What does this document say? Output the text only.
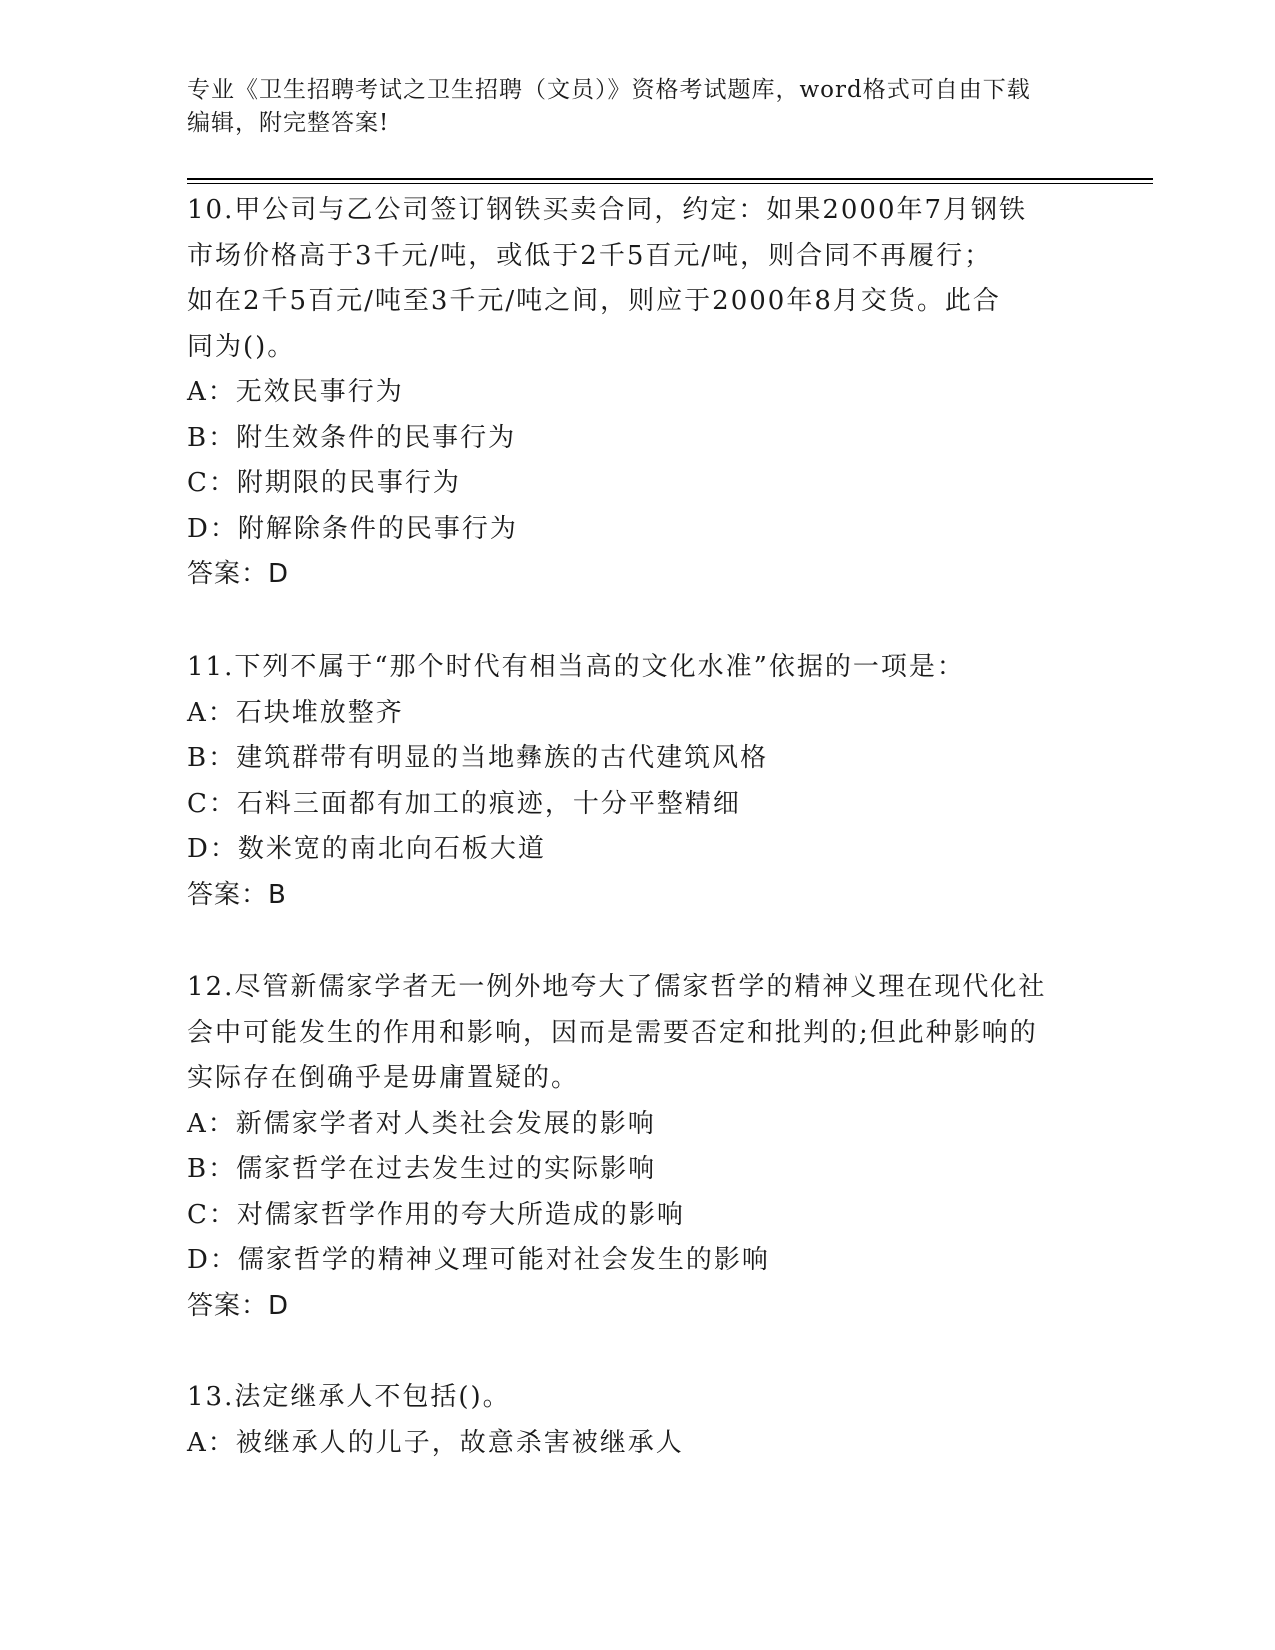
专业《卫生招聘考试之卫生招聘（文员）》资格考试题库，word格式可自由下载

编辑，附完整答案!

10.甲公司与乙公司签订钢铁买卖合同，约定：如果2000年7月钢铁

市场价格高于3千元/吨，或低于2千5百元/吨，则合同不再履行；

如在2千5百元/吨至3千元/吨之间，则应于2000年8月交货。此合

同为()。

A：无效民事行为

B：附生效条件的民事行为

C：附期限的民事行为

D：附解除条件的民事行为

答案：D

11.下列不属于“那个时代有相当高的文化水准”依据的一项是：

A：石块堆放整齐

B：建筑群带有明显的当地彝族的古代建筑风格

C：石料三面都有加工的痕迹，十分平整精细

D：数米宽的南北向石板大道

答案：B

12.尽管新儒家学者无一例外地夸大了儒家哲学的精神义理在现代化社

会中可能发生的作用和影响，因而是需要否定和批判的;但此种影响的

实际存在倒确乎是毋庸置疑的。

A：新儒家学者对人类社会发展的影响

B：儒家哲学在过去发生过的实际影响

C：对儒家哲学作用的夸大所造成的影响

D：儒家哲学的精神义理可能对社会发生的影响

答案：D

13.法定继承人不包括()。

A：被继承人的儿子，故意杀害被继承人
